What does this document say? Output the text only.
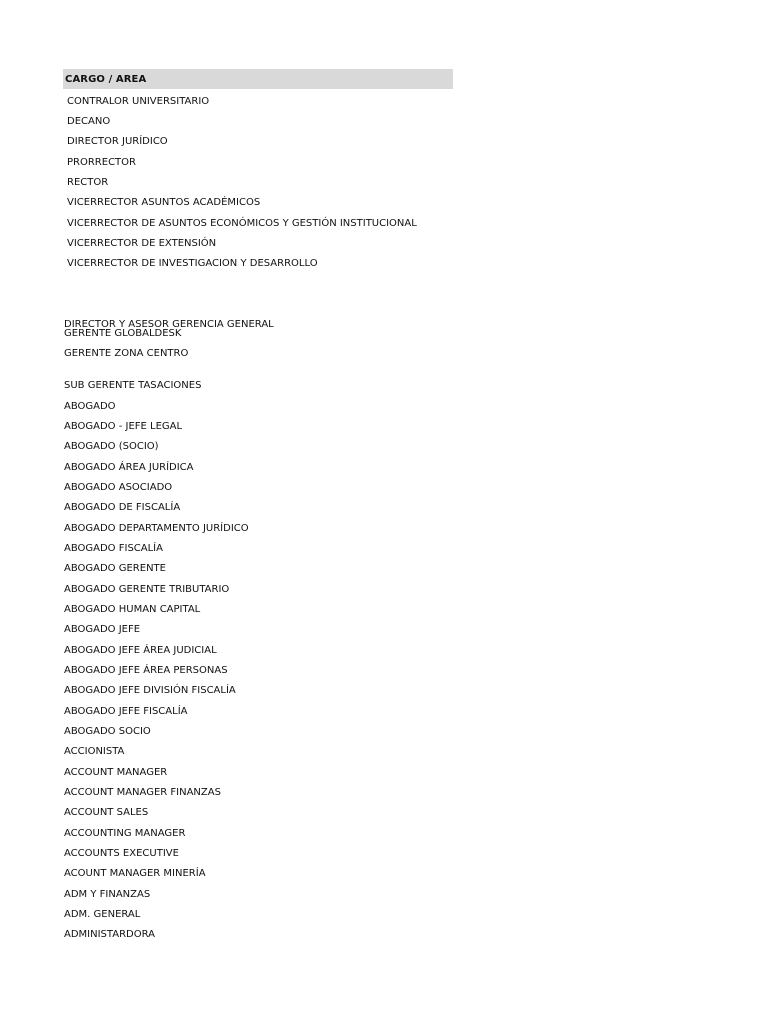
CARGO / AREA
CONTRALOR UNIVERSITARIO
DECANO
DIRECTOR JURÍDICO
PRORRECTOR
RECTOR
VICERRECTOR ASUNTOS ACADÉMICOS
VICERRECTOR DE ASUNTOS ECONÓMICOS Y GESTIÓN INSTITUCIONAL
VICERRECTOR DE EXTENSIÓN
VICERRECTOR DE INVESTIGACION Y DESARROLLO
DIRECTOR Y ASESOR GERENCIA GENERAL
GERENTE GLOBALDESK
GERENTE ZONA CENTRO
SUB GERENTE TASACIONES
ABOGADO
ABOGADO - JEFE LEGAL
ABOGADO (SOCIO)
ABOGADO ÁREA JURÍDICA
ABOGADO ASOCIADO
ABOGADO DE FISCALÍA
ABOGADO DEPARTAMENTO JURÍDICO
ABOGADO FISCALÍA
ABOGADO GERENTE
ABOGADO GERENTE TRIBUTARIO
ABOGADO HUMAN CAPITAL
ABOGADO JEFE
ABOGADO JEFE ÁREA JUDICIAL
ABOGADO JEFE ÁREA PERSONAS
ABOGADO JEFE DIVISIÓN FISCALÍA
ABOGADO JEFE FISCALÍA
ABOGADO SOCIO
ACCIONISTA
ACCOUNT MANAGER
ACCOUNT MANAGER FINANZAS
ACCOUNT SALES
ACCOUNTING MANAGER
ACCOUNTS EXECUTIVE
ACOUNT MANAGER MINERÍA
ADM Y FINANZAS
ADM. GENERAL
ADMINISTARDORA
